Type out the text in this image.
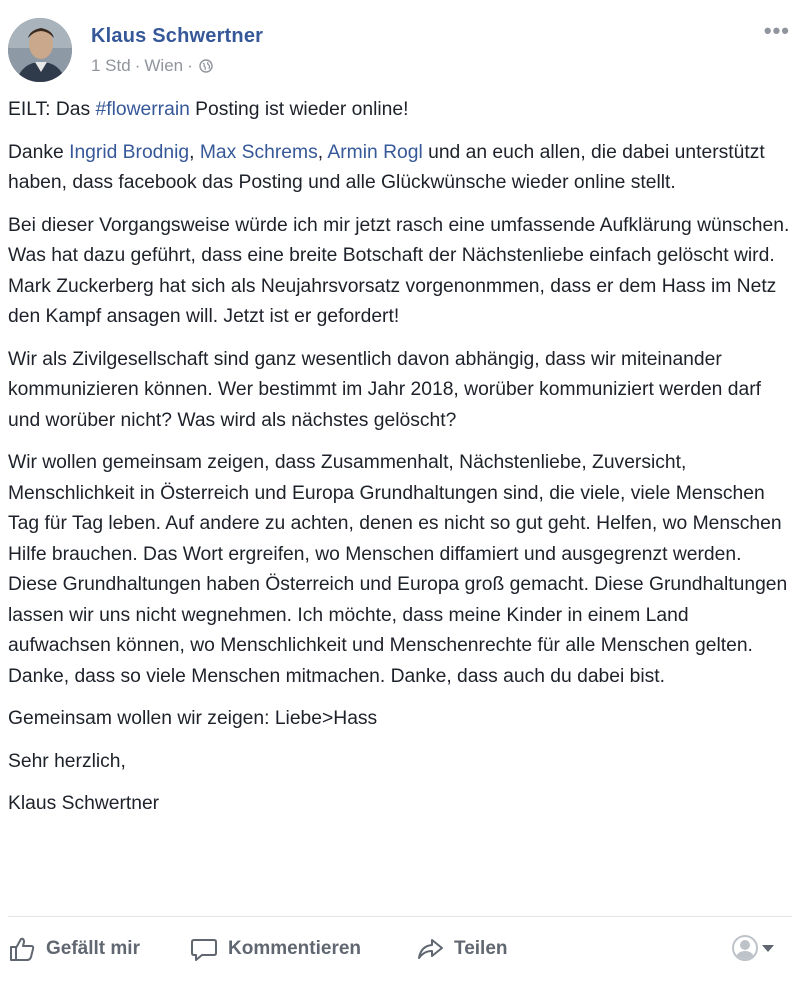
Klaus Schwertner
1 Std · Wien ·
•••

EILT: Das #flowerrain Posting ist wieder online!

Danke Ingrid Brodnig, Max Schrems, Armin Rogl und an euch allen, die dabei unterstützt haben, dass facebook das Posting und alle Glückwünsche wieder online stellt.

Bei dieser Vorgangsweise würde ich mir jetzt rasch eine umfassende Aufklärung wünschen. Was hat dazu geführt, dass eine breite Botschaft der Nächstenliebe einfach gelöscht wird. Mark Zuckerberg hat sich als Neujahrsvorsatz vorgenonmmen, dass er dem Hass im Netz den Kampf ansagen will. Jetzt ist er gefordert!

Wir als Zivilgesellschaft sind ganz wesentlich davon abhängig, dass wir miteinander kommunizieren können. Wer bestimmt im Jahr 2018, worüber kommuniziert werden darf und worüber nicht? Was wird als nächstes gelöscht?

Wir wollen gemeinsam zeigen, dass Zusammenhalt, Nächstenliebe, Zuversicht, Menschlichkeit in Österreich und Europa Grundhaltungen sind, die viele, viele Menschen Tag für Tag leben. Auf andere zu achten, denen es nicht so gut geht. Helfen, wo Menschen Hilfe brauchen. Das Wort ergreifen, wo Menschen diffamiert und ausgegrenzt werden. Diese Grundhaltungen haben Österreich und Europa groß gemacht. Diese Grundhaltungen lassen wir uns nicht wegnehmen. Ich möchte, dass meine Kinder in einem Land aufwachsen können, wo Menschlichkeit und Menschenrechte für alle Menschen gelten. Danke, dass so viele Menschen mitmachen. Danke, dass auch du dabei bist.

Gemeinsam wollen wir zeigen: Liebe>Hass

Sehr herzlich,

Klaus Schwertner

Gefällt mir	Kommentieren	Teilen
